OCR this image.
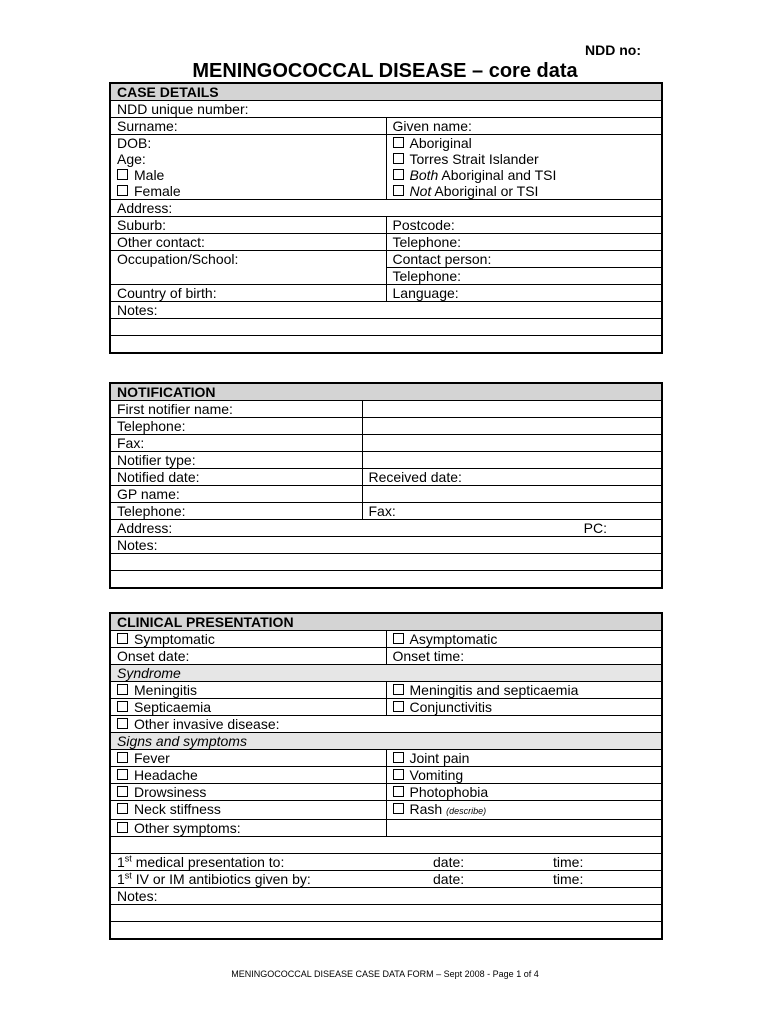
NDD no:
MENINGOCOCCAL DISEASE – core data
CASE DETAILS	
NDD unique number:	
Surname:	Given name:
DOB:	Aboriginal
Age:	Torres Strait Islander
Male	Both Aboriginal and TSI
Female	Not Aboriginal or TSI
Address:	
Suburb:	Postcode:
Other contact:	Telephone:
Occupation/School:	Contact person:
	Telephone:
Country of birth:	Language:
Notes:	

NOTIFICATION	
First notifier name:	
Telephone:	
Fax:	
Notifier type:	
Notified date:	Received date:
GP name:	
Telephone:	Fax:

Address: PC:	

Notes:	

CLINICAL PRESENTATION	
Symptomatic	Asymptomatic
Onset date:	Onset time:
Syndrome	
Meningitis	Meningitis and septicaemia
Septicaemia	Conjunctivitis
Other invasive disease:	
Signs and symptoms	
Fever	Joint pain
Headache	Vomiting
Drowsiness	Photophobia
Neck stiffness	Rash (describe)
Other symptoms:	

1st medical presentation to: date: time:	

1st IV or IM antibiotics given by: date: time:	

Notes:	

MENINGOCOCCAL DISEASE CASE DATA FORM – Sept 2008 - Page 1 of 4
